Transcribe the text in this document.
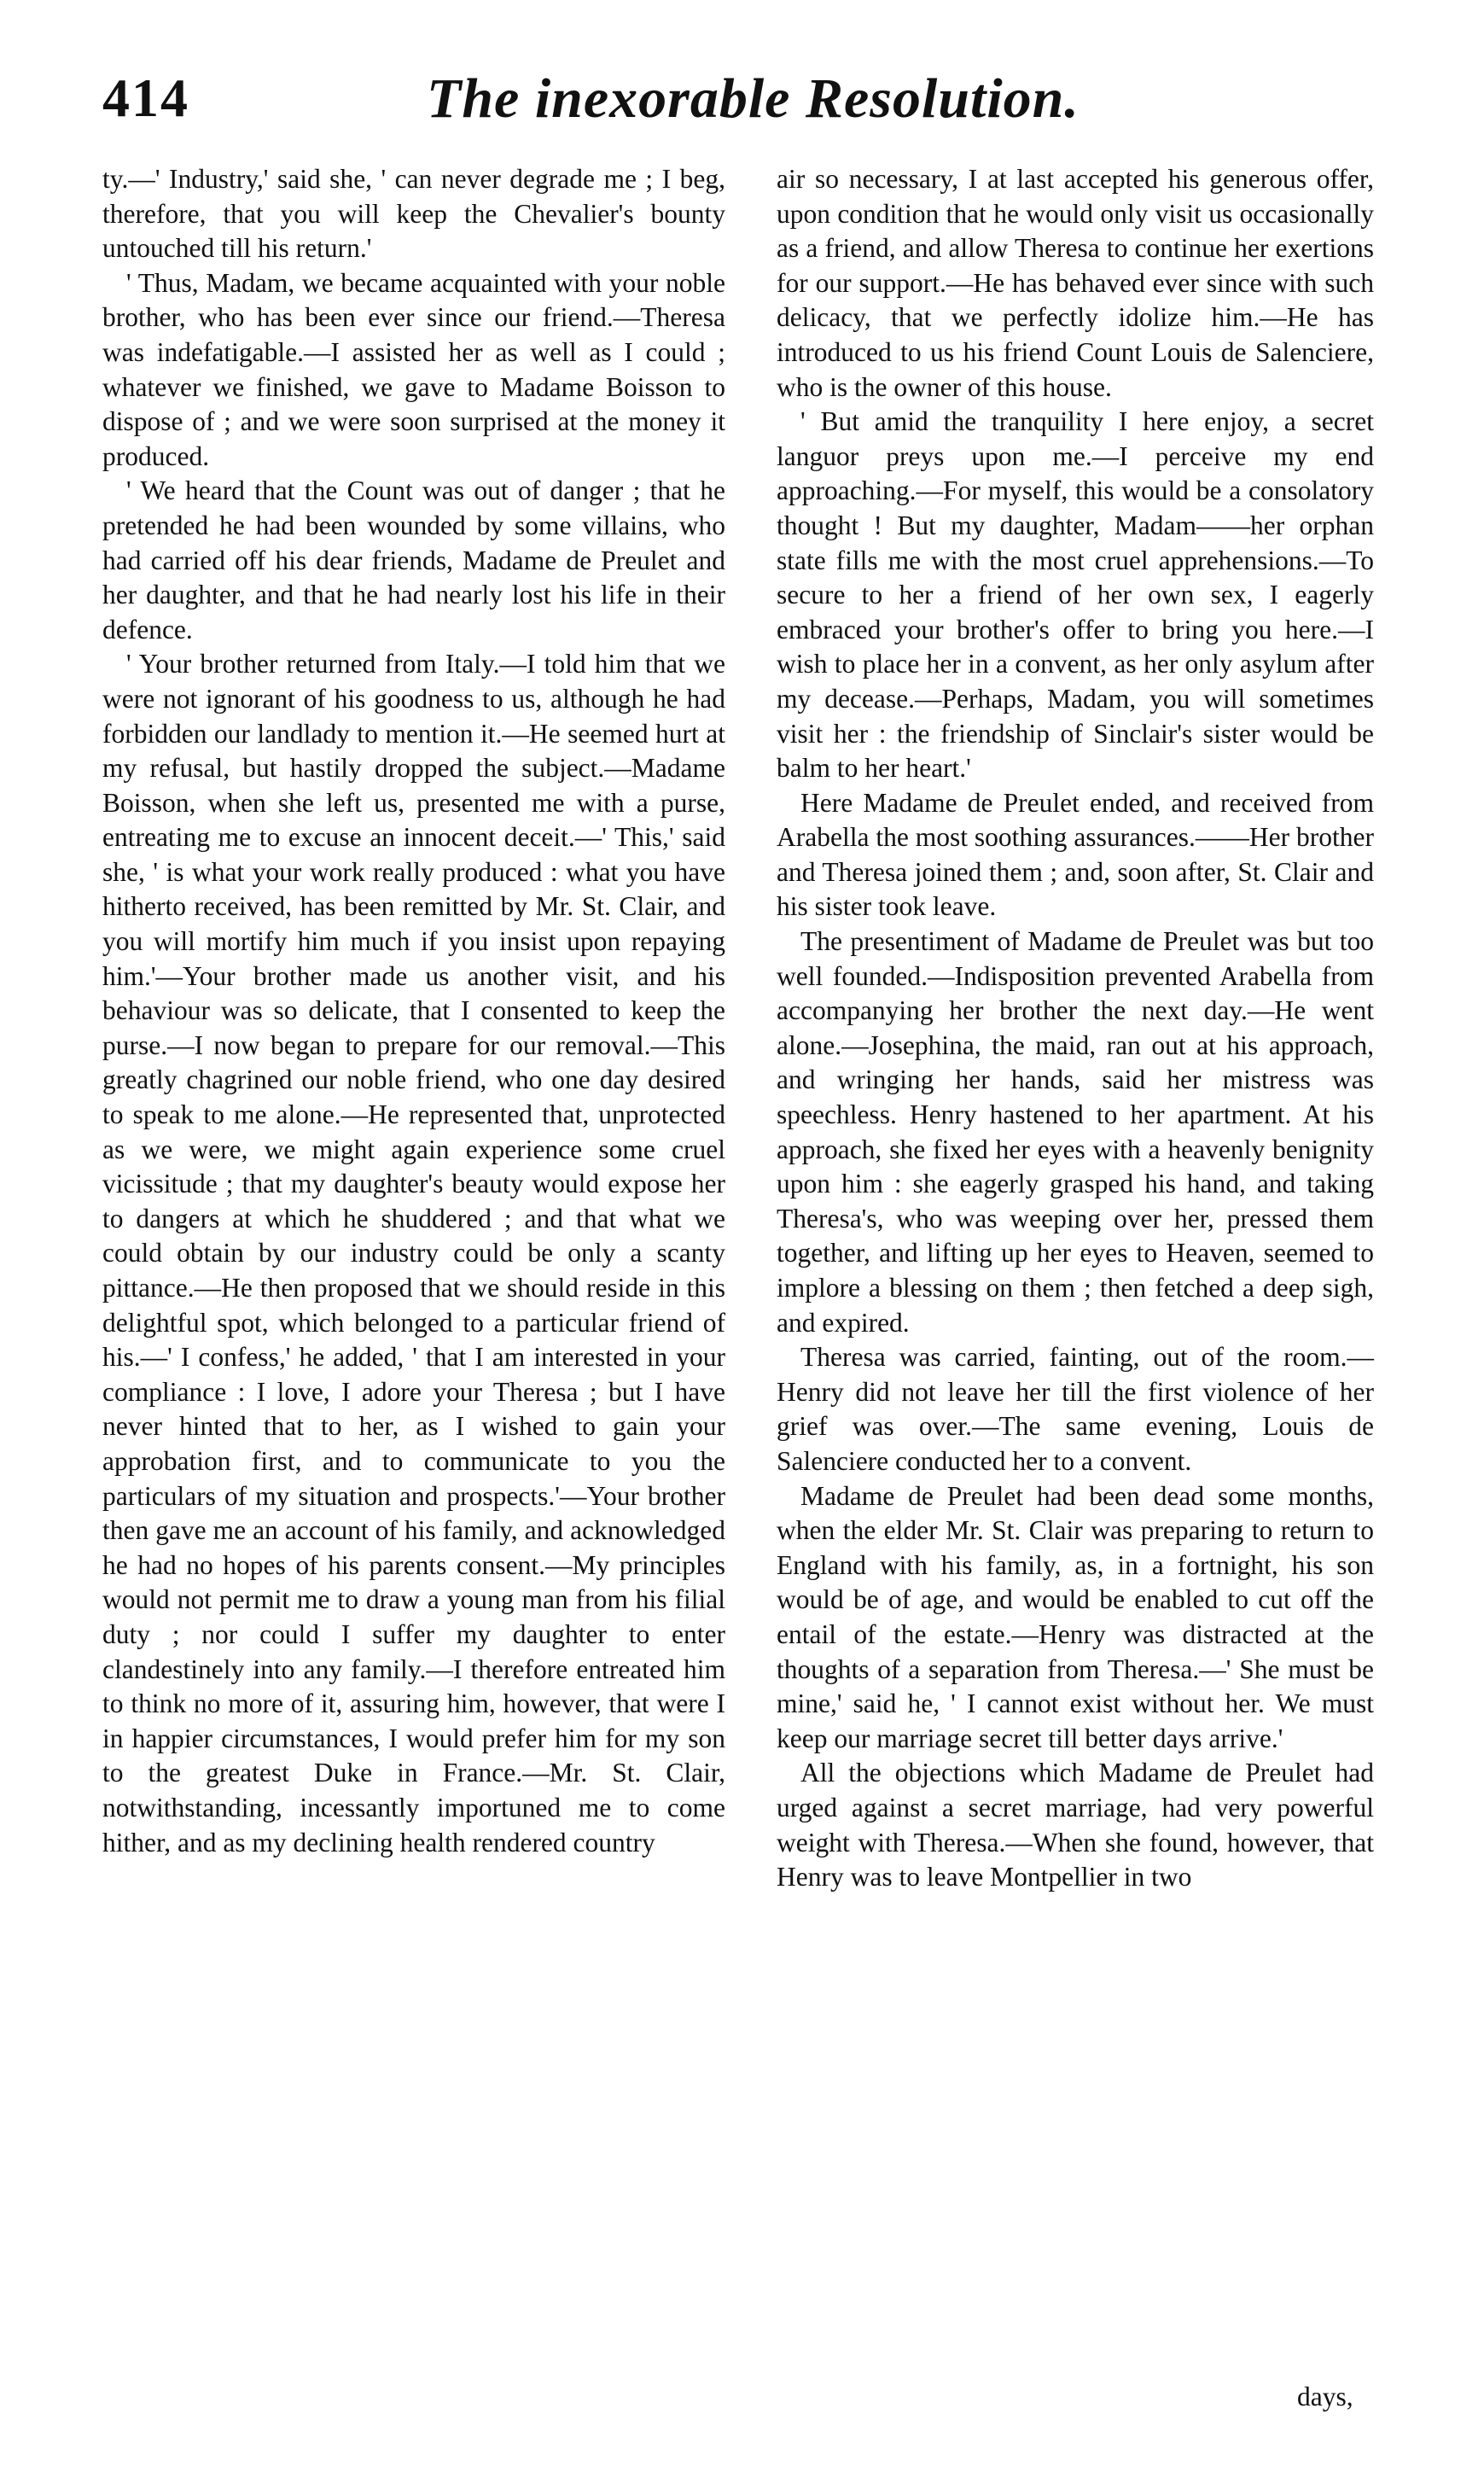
414	The inexorable Resolution.

ty.—' Industry,' said she, ' can never degrade me ; I beg, therefore, that you will keep the Chevalier's bounty untouched till his return.'

' Thus, Madam, we became acquainted with your noble brother, who has been ever since our friend.—Theresa was indefatigable.—I assisted her as well as I could ; whatever we finished, we gave to Madame Boisson to dispose of ; and we were soon surprised at the money it produced.

' We heard that the Count was out of danger ; that he pretended he had been wounded by some villains, who had carried off his dear friends, Madame de Preulet and her daughter, and that he had nearly lost his life in their defence.

' Your brother returned from Italy.—I told him that we were not ignorant of his goodness to us, although he had forbidden our landlady to mention it.—He seemed hurt at my refusal, but hastily dropped the subject.—Madame Boisson, when she left us, presented me with a purse, entreating me to excuse an innocent deceit.—' This,' said she, ' is what your work really produced : what you have hitherto received, has been remitted by Mr. St. Clair, and you will mortify him much if you insist upon repaying him.'—Your brother made us another visit, and his behaviour was so delicate, that I consented to keep the purse.—I now began to prepare for our removal.—This greatly chagrined our noble friend, who one day desired to speak to me alone.—He represented that, unprotected as we were, we might again experience some cruel vicissitude ; that my daughter's beauty would expose her to dangers at which he shuddered ; and that what we could obtain by our industry could be only a scanty pittance.—He then proposed that we should reside in this delightful spot, which belonged to a particular friend of his.—' I confess,' he added, ' that I am interested in your compliance : I love, I adore your Theresa ; but I have never hinted that to her, as I wished to gain your approbation first, and to communicate to you the particulars of my situation and prospects.'—Your brother then gave me an account of his family, and acknowledged he had no hopes of his parents consent.—My principles would not permit me to draw a young man from his filial duty ; nor could I suffer my daughter to enter clandestinely into any family.—I therefore entreated him to think no more of it, assuring him, however, that were I in happier circumstances, I would prefer him for my son to the greatest Duke in France.—Mr. St. Clair, notwithstanding, incessantly importuned me to come hither, and as my declining health rendered country

air so necessary, I at last accepted his generous offer, upon condition that he would only visit us occasionally as a friend, and allow Theresa to continue her exertions for our support.—He has behaved ever since with such delicacy, that we perfectly idolize him.—He has introduced to us his friend Count Louis de Salenciere, who is the owner of this house.

' But amid the tranquility I here enjoy, a secret languor preys upon me.—I perceive my end approaching.—For myself, this would be a consolatory thought ! But my daughter, Madam——her orphan state fills me with the most cruel apprehensions.—To secure to her a friend of her own sex, I eagerly embraced your brother's offer to bring you here.—I wish to place her in a convent, as her only asylum after my decease.—Perhaps, Madam, you will sometimes visit her : the friendship of Sinclair's sister would be balm to her heart.'

Here Madame de Preulet ended, and received from Arabella the most soothing assurances.——Her brother and Theresa joined them ; and, soon after, St. Clair and his sister took leave.

The presentiment of Madame de Preulet was but too well founded.—Indisposition prevented Arabella from accompanying her brother the next day.—He went alone.—Josephina, the maid, ran out at his approach, and wringing her hands, said her mistress was speechless. Henry hastened to her apartment. At his approach, she fixed her eyes with a heavenly benignity upon him : she eagerly grasped his hand, and taking Theresa's, who was weeping over her, pressed them together, and lifting up her eyes to Heaven, seemed to implore a blessing on them ; then fetched a deep sigh, and expired.

Theresa was carried, fainting, out of the room.—Henry did not leave her till the first violence of her grief was over.—The same evening, Louis de Salenciere conducted her to a convent.

Madame de Preulet had been dead some months, when the elder Mr. St. Clair was preparing to return to England with his family, as, in a fortnight, his son would be of age, and would be enabled to cut off the entail of the estate.—Henry was distracted at the thoughts of a separation from Theresa.—' She must be mine,' said he, ' I cannot exist without her. We must keep our marriage secret till better days arrive.'

All the objections which Madame de Preulet had urged against a secret marriage, had very powerful weight with Theresa.—When she found, however, that Henry was to leave Montpellier in two

days,
